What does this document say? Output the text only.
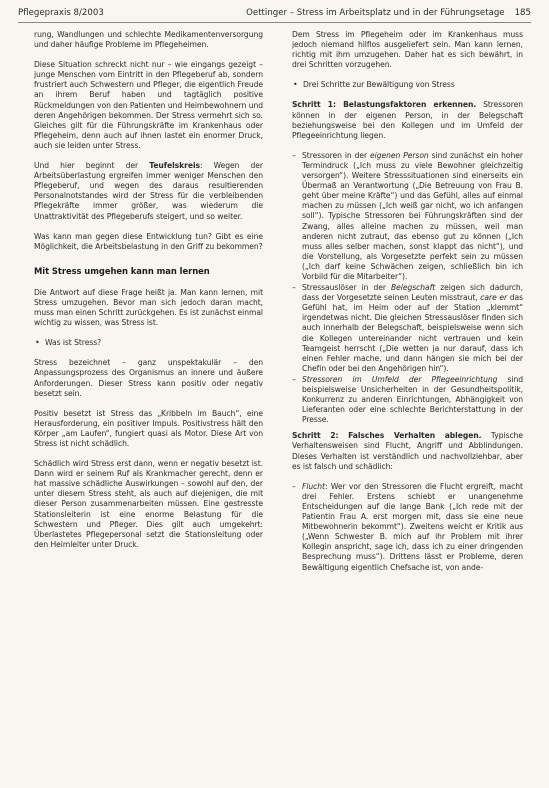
Pflegepraxis 8/2003	Oettinger – Stress im Arbeitsplatz und in der Führungsetage 185

rung, Wandlungen und schlechte Medikamentenversorgung und daher häufige Probleme im Pflegeheimen.

Diese Situation schreckt nicht nur – wie eingangs gezeigt – junge Menschen vom Eintritt in den Pflegeberuf ab, sondern frustriert auch Schwestern und Pfleger, die eigentlich Freude an ihrem Beruf haben und tagtäglich positive Rückmeldungen von den Patienten und Heimbewohnern und deren Angehörigen bekommen. Der Stress vermehrt sich so. Gleiches gilt für die Führungskräfte im Krankenhaus oder Pflegeheim, denn auch auf ihnen lastet ein enormer Druck, auch sie leiden unter Stress.

Und hier beginnt der Teufelskreis: Wegen der Arbeitsüberlastung ergreifen immer weniger Menschen den Pflegeberuf, und wegen des daraus resultierenden Personalnotstandes wird der Stress für die verbleibenden Pflegekräfte immer größer, was wiederum die Unattraktivität des Pflegeberufs steigert, und so weiter.

Was kann man gegen diese Entwicklung tun? Gibt es eine Möglichkeit, die Arbeitsbelastung in den Griff zu bekommen?

Mit Stress umgehen kann man lernen

Die Antwort auf diese Frage heißt ja. Man kann lernen, mit Stress umzugehen. Bevor man sich jedoch daran macht, muss man einen Schritt zurückgehen. Es ist zunächst einmal wichtig zu wissen, was Stress ist.

• Was ist Stress?

Stress bezeichnet – ganz unspektakulär – den Anpassungsprozess des Organismus an innere und äußere Anforderungen. Dieser Stress kann positiv oder negativ besetzt sein.

Positiv besetzt ist Stress das „Kribbeln im Bauch“, eine Herausforderung, ein positiver Impuls. Positivstress hält den Körper „am Laufen“, fungiert quasi als Motor. Diese Art von Stress ist nicht schädlich.

Schädlich wird Stress erst dann, wenn er negativ besetzt ist. Dann wird er seinem Ruf als Krankmacher gerecht, denn er hat massive schädliche Auswirkungen – sowohl auf den, der unter diesem Stress steht, als auch auf diejenigen, die mit dieser Person zusammenarbeiten müssen. Eine gestresste Stationsleiterin ist eine enorme Belastung für die Schwestern und Pfleger. Dies gilt auch umgekehrt: Überlastetes Pflegepersonal setzt die Stationsleitung oder den Heimleiter unter Druck.

Dem Stress im Pflegeheim oder im Krankenhaus muss jedoch niemand hilflos ausgeliefert sein. Man kann lernen, richtig mit ihm umzugehen. Daher hat es sich bewährt, in drei Schritten vorzugehen.

• Drei Schritte zur Bewältigung von Stress
Schritt 1: Belastungsfaktoren erkennen. Stressoren können in der eigenen Person, in der Belegschaft beziehungsweise bei den Kollegen und im Umfeld der Pflegeeinrichtung liegen.
– Stressoren in der eigenen Person sind zunächst ein hoher Termindruck („Ich muss zu viele Bewohner gleichzeitig versorgen“). Weitere Stresssituationen sind einerseits ein Übermaß an Verantwortung („Die Betreuung von Frau B. geht über meine Kräfte“) und das Gefühl, alles auf einmal machen zu müssen („Ich weiß gar nicht, wo ich anfangen soll“). Typische Stressoren bei Führungskräften sind der Zwang, alles alleine machen zu müssen, weil man anderen nicht zutraut, das ebenso gut zu können („Ich muss alles selber machen, sonst klappt das nicht“), und die Vorstellung, als Vorgesetzte perfekt sein zu müssen („Ich darf keine Schwächen zeigen, schließlich bin ich Vorbild für die Mitarbeiter“).
– Stressauslöser in der Belegschaft zeigen sich dadurch, dass der Vorgesetzte seinen Leuten misstraut, care er das Gefühl hat, im Heim oder auf der Station „klemmt“ irgendetwas nicht. Die gleichen Stressauslöser finden sich auch innerhalb der Belegschaft, beispielsweise wenn sich die Kollegen untereinander nicht vertrauen und kein Teamgeist herrscht („Die wetten ja nur darauf, dass ich einen Fehler mache, und dann hängen sie mich bei der Chefin oder bei den Angehörigen hin“).
– Stressoren im Umfeld der Pflegeeinrichtung sind beispielsweise Unsicherheiten in der Gesundheitspolitik, Konkurrenz zu anderen Einrichtungen, Abhängigkeit von Lieferanten oder eine schlechte Berichterstattung in der Presse.
Schritt 2: Falsches Verhalten ablegen. Typische Verhaltensweisen sind Flucht, Angriff und Abblindungen. Dieses Verhalten ist verständlich und nachvollziehbar, aber es ist falsch und schädlich:
– Flucht: Wer vor den Stressoren die Flucht ergreift, macht drei Fehler. Erstens schiebt er unangenehme Entscheidungen auf die lange Bank („Ich rede mit der Patientin Frau A. erst morgen mit, dass sie eine neue Mitbewohnerin bekommt“). Zweitens weicht er Kritik aus („Wenn Schwester B. mich auf ihr Problem mit ihrer Kollegin anspricht, sage ich, dass ich zu einer dringenden Besprechung muss“). Drittens lässt er Probleme, deren Bewältigung eigentlich Chefsache ist, von ande-
